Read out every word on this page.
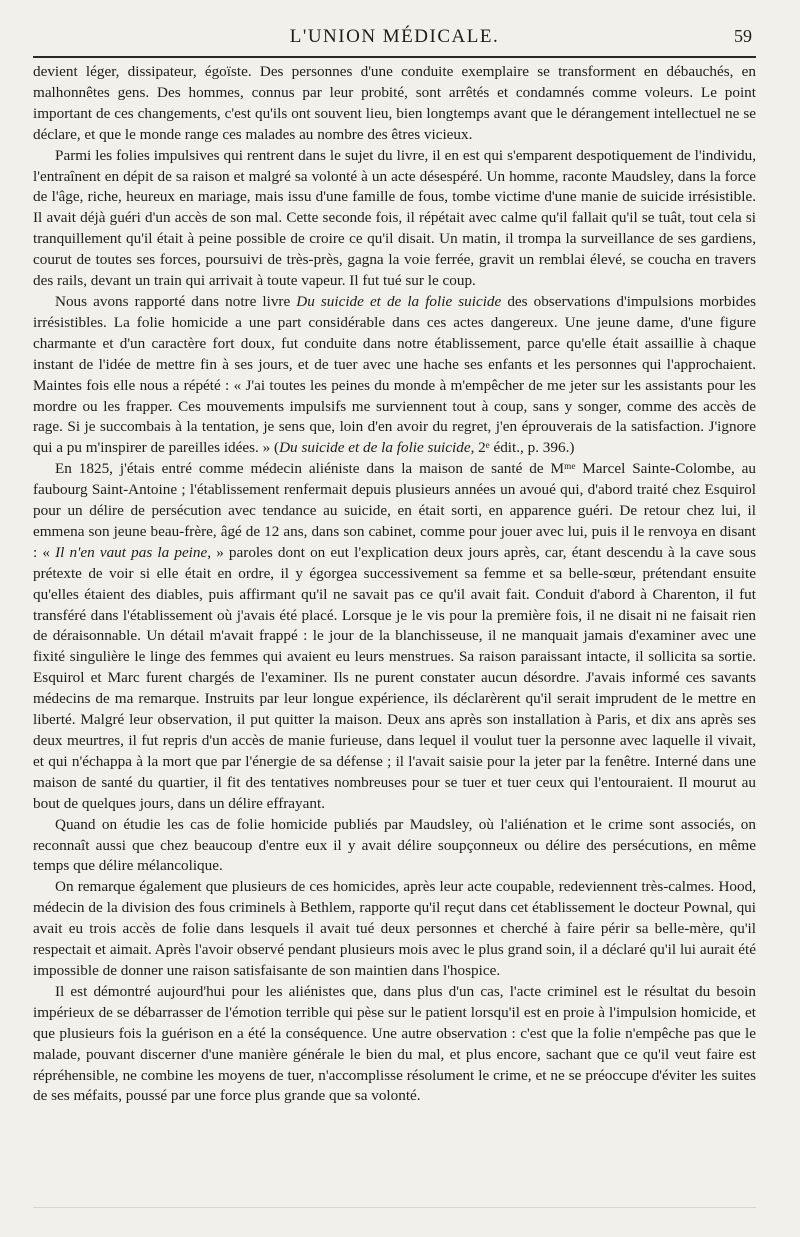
L'UNION MÉDICALE.	59

devient léger, dissipateur, égoïste. Des personnes d'une conduite exemplaire se transforment en débauchés, en malhonnêtes gens. Des hommes, connus par leur probité, sont arrêtés et condamnés comme voleurs. Le point important de ces changements, c'est qu'ils ont souvent lieu, bien longtemps avant que le dérangement intellectuel ne se déclare, et que le monde range ces malades au nombre des êtres vicieux.

Parmi les folies impulsives qui rentrent dans le sujet du livre, il en est qui s'emparent despotiquement de l'individu, l'entraînent en dépit de sa raison et malgré sa volonté à un acte désespéré. Un homme, raconte Maudsley, dans la force de l'âge, riche, heureux en mariage, mais issu d'une famille de fous, tombe victime d'une manie de suicide irrésistible. Il avait déjà guéri d'un accès de son mal. Cette seconde fois, il répétait avec calme qu'il fallait qu'il se tuât, tout cela si tranquillement qu'il était à peine possible de croire ce qu'il disait. Un matin, il trompa la surveillance de ses gardiens, courut de toutes ses forces, poursuivi de très-près, gagna la voie ferrée, gravit un remblai élevé, se coucha en travers des rails, devant un train qui arrivait à toute vapeur. Il fut tué sur le coup.

Nous avons rapporté dans notre livre Du suicide et de la folie suicide des observations d'impulsions morbides irrésistibles. La folie homicide a une part considérable dans ces actes dangereux. Une jeune dame, d'une figure charmante et d'un caractère fort doux, fut conduite dans notre établissement, parce qu'elle était assaillie à chaque instant de l'idée de mettre fin à ses jours, et de tuer avec une hache ses enfants et les personnes qui l'approchaient. Maintes fois elle nous a répété : « J'ai toutes les peines du monde à m'empêcher de me jeter sur les assistants pour les mordre ou les frapper. Ces mouvements impulsifs me surviennent tout à coup, sans y songer, comme des accès de rage. Si je succombais à la tentation, je sens que, loin d'en avoir du regret, j'en éprouverais de la satisfaction. J'ignore qui a pu m'inspirer de pareilles idées. » (Du suicide et de la folie suicide, 2ᵉ édit., p. 396.)

En 1825, j'étais entré comme médecin aliéniste dans la maison de santé de Mᵐᵉ Marcel Sainte-Colombe, au faubourg Saint-Antoine ; l'établissement renfermait depuis plusieurs années un avoué qui, d'abord traité chez Esquirol pour un délire de persécution avec tendance au suicide, en était sorti, en apparence guéri. De retour chez lui, il emmena son jeune beau-frère, âgé de 12 ans, dans son cabinet, comme pour jouer avec lui, puis il le renvoya en disant : « Il n'en vaut pas la peine, » paroles dont on eut l'explication deux jours après, car, étant descendu à la cave sous prétexte de voir si elle était en ordre, il y égorgea successivement sa femme et sa belle-sœur, prétendant ensuite qu'elles étaient des diables, puis affirmant qu'il ne savait pas ce qu'il avait fait. Conduit d'abord à Charenton, il fut transféré dans l'établissement où j'avais été placé. Lorsque je le vis pour la première fois, il ne disait ni ne faisait rien de déraisonnable. Un détail m'avait frappé : le jour de la blanchisseuse, il ne manquait jamais d'examiner avec une fixité singulière le linge des femmes qui avaient eu leurs menstrues. Sa raison paraissant intacte, il sollicita sa sortie. Esquirol et Marc furent chargés de l'examiner. Ils ne purent constater aucun désordre. J'avais informé ces savants médecins de ma remarque. Instruits par leur longue expérience, ils déclarèrent qu'il serait imprudent de le mettre en liberté. Malgré leur observation, il put quitter la maison. Deux ans après son installation à Paris, et dix ans après ses deux meurtres, il fut repris d'un accès de manie furieuse, dans lequel il voulut tuer la personne avec laquelle il vivait, et qui n'échappa à la mort que par l'énergie de sa défense ; il l'avait saisie pour la jeter par la fenêtre. Interné dans une maison de santé du quartier, il fit des tentatives nombreuses pour se tuer et tuer ceux qui l'entouraient. Il mourut au bout de quelques jours, dans un délire effrayant.

Quand on étudie les cas de folie homicide publiés par Maudsley, où l'aliénation et le crime sont associés, on reconnaît aussi que chez beaucoup d'entre eux il y avait délire soupçonneux ou délire des persécutions, en même temps que délire mélancolique.

On remarque également que plusieurs de ces homicides, après leur acte coupable, redeviennent très-calmes. Hood, médecin de la division des fous criminels à Bethlem, rapporte qu'il reçut dans cet établissement le docteur Pownal, qui avait eu trois accès de folie dans lesquels il avait tué deux personnes et cherché à faire périr sa belle-mère, qu'il respectait et aimait. Après l'avoir observé pendant plusieurs mois avec le plus grand soin, il a déclaré qu'il lui aurait été impossible de donner une raison satisfaisante de son maintien dans l'hospice.

Il est démontré aujourd'hui pour les aliénistes que, dans plus d'un cas, l'acte criminel est le résultat du besoin impérieux de se débarrasser de l'émotion terrible qui pèse sur le patient lorsqu'il est en proie à l'impulsion homicide, et que plusieurs fois la guérison en a été la conséquence. Une autre observation : c'est que la folie n'empêche pas que le malade, pouvant discerner d'une manière générale le bien du mal, et plus encore, sachant que ce qu'il veut faire est répréhensible, ne combine les moyens de tuer, n'accomplisse résolument le crime, et ne se préoccupe d'éviter les suites de ses méfaits, poussé par une force plus grande que sa volonté.
